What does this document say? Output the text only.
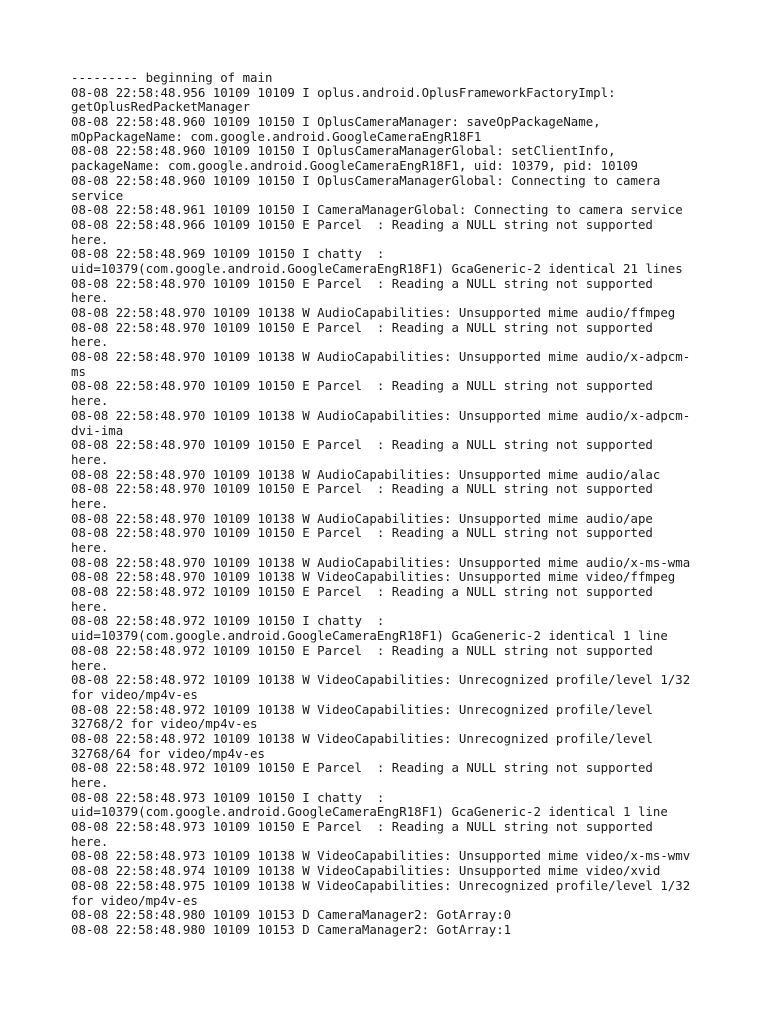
--------- beginning of main
08-08 22:58:48.956 10109 10109 I oplus.android.OplusFrameworkFactoryImpl:
getOplusRedPacketManager
08-08 22:58:48.960 10109 10150 I OplusCameraManager: saveOpPackageName,
mOpPackageName: com.google.android.GoogleCameraEngR18F1
08-08 22:58:48.960 10109 10150 I OplusCameraManagerGlobal: setClientInfo,
packageName: com.google.android.GoogleCameraEngR18F1, uid: 10379, pid: 10109
08-08 22:58:48.960 10109 10150 I OplusCameraManagerGlobal: Connecting to camera
service
08-08 22:58:48.961 10109 10150 I CameraManagerGlobal: Connecting to camera service
08-08 22:58:48.966 10109 10150 E Parcel  : Reading a NULL string not supported
here.
08-08 22:58:48.969 10109 10150 I chatty  :
uid=10379(com.google.android.GoogleCameraEngR18F1) GcaGeneric-2 identical 21 lines
08-08 22:58:48.970 10109 10150 E Parcel  : Reading a NULL string not supported
here.
08-08 22:58:48.970 10109 10138 W AudioCapabilities: Unsupported mime audio/ffmpeg
08-08 22:58:48.970 10109 10150 E Parcel  : Reading a NULL string not supported
here.
08-08 22:58:48.970 10109 10138 W AudioCapabilities: Unsupported mime audio/x-adpcm-
ms
08-08 22:58:48.970 10109 10150 E Parcel  : Reading a NULL string not supported
here.
08-08 22:58:48.970 10109 10138 W AudioCapabilities: Unsupported mime audio/x-adpcm-
dvi-ima
08-08 22:58:48.970 10109 10150 E Parcel  : Reading a NULL string not supported
here.
08-08 22:58:48.970 10109 10138 W AudioCapabilities: Unsupported mime audio/alac
08-08 22:58:48.970 10109 10150 E Parcel  : Reading a NULL string not supported
here.
08-08 22:58:48.970 10109 10138 W AudioCapabilities: Unsupported mime audio/ape
08-08 22:58:48.970 10109 10150 E Parcel  : Reading a NULL string not supported
here.
08-08 22:58:48.970 10109 10138 W AudioCapabilities: Unsupported mime audio/x-ms-wma
08-08 22:58:48.970 10109 10138 W VideoCapabilities: Unsupported mime video/ffmpeg
08-08 22:58:48.972 10109 10150 E Parcel  : Reading a NULL string not supported
here.
08-08 22:58:48.972 10109 10150 I chatty  :
uid=10379(com.google.android.GoogleCameraEngR18F1) GcaGeneric-2 identical 1 line
08-08 22:58:48.972 10109 10150 E Parcel  : Reading a NULL string not supported
here.
08-08 22:58:48.972 10109 10138 W VideoCapabilities: Unrecognized profile/level 1/32
for video/mp4v-es
08-08 22:58:48.972 10109 10138 W VideoCapabilities: Unrecognized profile/level
32768/2 for video/mp4v-es
08-08 22:58:48.972 10109 10138 W VideoCapabilities: Unrecognized profile/level
32768/64 for video/mp4v-es
08-08 22:58:48.972 10109 10150 E Parcel  : Reading a NULL string not supported
here.
08-08 22:58:48.973 10109 10150 I chatty  :
uid=10379(com.google.android.GoogleCameraEngR18F1) GcaGeneric-2 identical 1 line
08-08 22:58:48.973 10109 10150 E Parcel  : Reading a NULL string not supported
here.
08-08 22:58:48.973 10109 10138 W VideoCapabilities: Unsupported mime video/x-ms-wmv
08-08 22:58:48.974 10109 10138 W VideoCapabilities: Unsupported mime video/xvid
08-08 22:58:48.975 10109 10138 W VideoCapabilities: Unrecognized profile/level 1/32
for video/mp4v-es
08-08 22:58:48.980 10109 10153 D CameraManager2: GotArray:0
08-08 22:58:48.980 10109 10153 D CameraManager2: GotArray:1
